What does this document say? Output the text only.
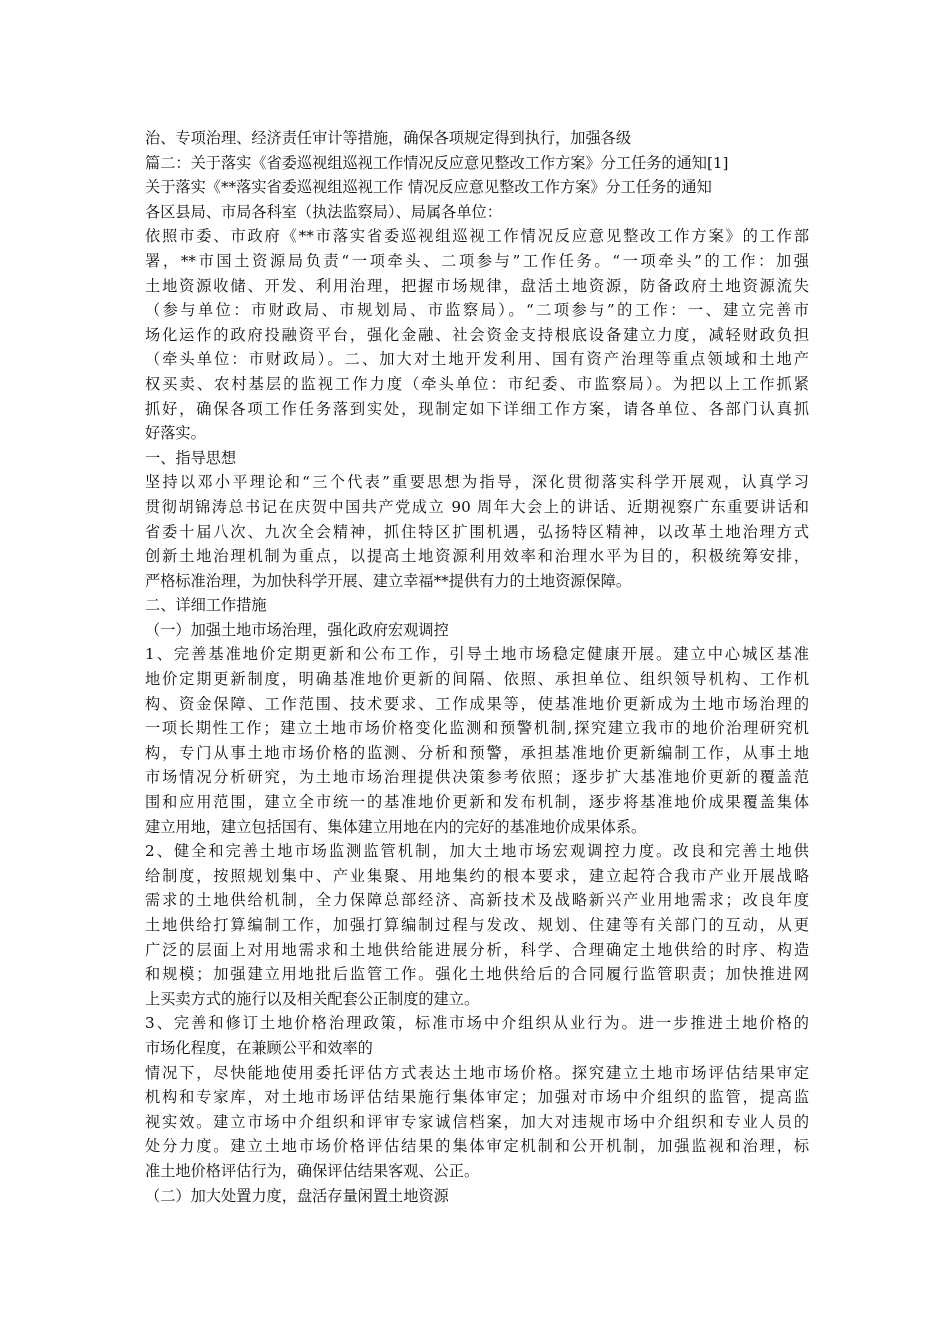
治、专项治理、经济责任审计等措施，确保各项规定得到执行，加强各级
篇二：关于落实《省委巡视组巡视工作情况反应意见整改工作方案》分工任务的通知[1]
关于落实《**落实省委巡视组巡视工作 情况反应意见整改工作方案》分工任务的通知
各区县局、市局各科室（执法监察局）、局属各单位：
依照市委、市政府《**市落实省委巡视组巡视工作情况反应意见整改工作方案》的工作部
署，**市国土资源局负责“一项牵头、二项参与”工作任务。“一项牵头”的工作：加强
土地资源收储、开发、利用治理，把握市场规律，盘活土地资源，防备政府土地资源流失
（参与单位：市财政局、市规划局、市监察局）。“二项参与”的工作：一、建立完善市
场化运作的政府投融资平台，强化金融、社会资金支持根底设备建立力度，减轻财政负担
（牵头单位：市财政局）。二、加大对土地开发利用、国有资产治理等重点领域和土地产
权买卖、农村基层的监视工作力度（牵头单位：市纪委、市监察局）。为把以上工作抓紧
抓好，确保各项工作任务落到实处，现制定如下详细工作方案，请各单位、各部门认真抓
好落实。
一、指导思想
坚持以邓小平理论和“三个代表”重要思想为指导，深化贯彻落实科学开展观，认真学习
贯彻胡锦涛总书记在庆贺中国共产党成立 90 周年大会上的讲话、近期视察广东重要讲话和
省委十届八次、九次全会精神，抓住特区扩围机遇，弘扬特区精神，以改革土地治理方式
创新土地治理机制为重点，以提高土地资源利用效率和治理水平为目的，积极统筹安排，
严格标准治理，为加快科学开展、建立幸福**提供有力的土地资源保障。
二、详细工作措施
（一）加强土地市场治理，强化政府宏观调控
1、完善基准地价定期更新和公布工作，引导土地市场稳定健康开展。建立中心城区基准
地价定期更新制度，明确基准地价更新的间隔、依照、承担单位、组织领导机构、工作机
构、资金保障、工作范围、技术要求、工作成果等，使基准地价更新成为土地市场治理的
一项长期性工作；建立土地市场价格变化监测和预警机制,探究建立我市的地价治理研究机
构，专门从事土地市场价格的监测、分析和预警，承担基准地价更新编制工作，从事土地
市场情况分析研究，为土地市场治理提供决策参考依照；逐步扩大基准地价更新的覆盖范
围和应用范围，建立全市统一的基准地价更新和发布机制，逐步将基准地价成果覆盖集体
建立用地，建立包括国有、集体建立用地在内的完好的基准地价成果体系。
2、健全和完善土地市场监测监管机制，加大土地市场宏观调控力度。改良和完善土地供
给制度，按照规划集中、产业集聚、用地集约的根本要求，建立起符合我市产业开展战略
需求的土地供给机制，全力保障总部经济、高新技术及战略新兴产业用地需求；改良年度
土地供给打算编制工作，加强打算编制过程与发改、规划、住建等有关部门的互动，从更
广泛的层面上对用地需求和土地供给能进展分析，科学、合理确定土地供给的时序、构造
和规模；加强建立用地批后监管工作。强化土地供给后的合同履行监管职责；加快推进网
上买卖方式的施行以及相关配套公正制度的建立。
3、完善和修订土地价格治理政策，标准市场中介组织从业行为。进一步推进土地价格的
市场化程度，在兼顾公平和效率的
情况下，尽快能地使用委托评估方式表达土地市场价格。探究建立土地市场评估结果审定
机构和专家库，对土地市场评估结果施行集体审定；加强对市场中介组织的监管，提高监
视实效。建立市场中介组织和评审专家诚信档案，加大对违规市场中介组织和专业人员的
处分力度。建立土地市场价格评估结果的集体审定机制和公开机制，加强监视和治理，标
准土地价格评估行为，确保评估结果客观、公正。
（二）加大处置力度，盘活存量闲置土地资源
